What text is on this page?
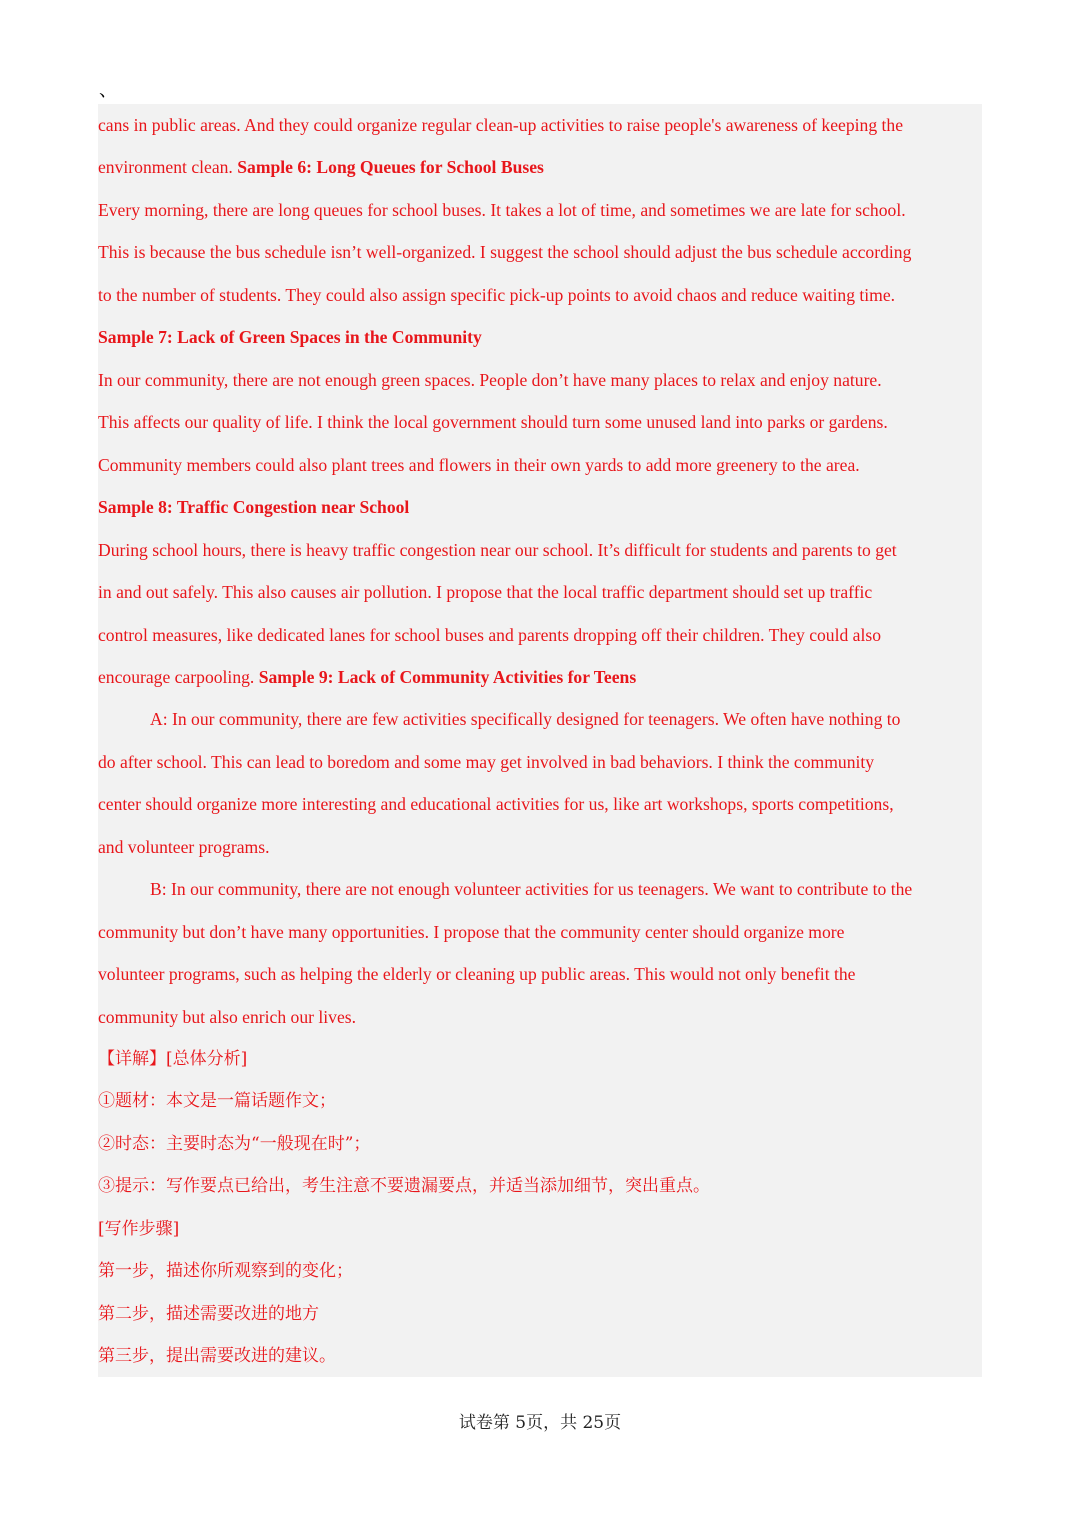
、
cans in public areas. And they could organize regular clean-up activities to raise people's awareness of keeping the
environment clean. Sample 6: Long Queues for School Buses
Every morning, there are long queues for school buses. It takes a lot of time, and sometimes we are late for school.
This is because the bus schedule isn’t well-organized. I suggest the school should adjust the bus schedule according
to the number of students. They could also assign specific pick-up points to avoid chaos and reduce waiting time.
Sample 7: Lack of Green Spaces in the Community
In our community, there are not enough green spaces. People don’t have many places to relax and enjoy nature.
This affects our quality of life. I think the local government should turn some unused land into parks or gardens.
Community members could also plant trees and flowers in their own yards to add more greenery to the area.
Sample 8: Traffic Congestion near School
During school hours, there is heavy traffic congestion near our school. It’s difficult for students and parents to get
in and out safely. This also causes air pollution. I propose that the local traffic department should set up traffic
control measures, like dedicated lanes for school buses and parents dropping off their children. They could also
encourage carpooling. Sample 9: Lack of Community Activities for Teens
A: In our community, there are few activities specifically designed for teenagers. We often have nothing to
do after school. This can lead to boredom and some may get involved in bad behaviors. I think the community
center should organize more interesting and educational activities for us, like art workshops, sports competitions,
and volunteer programs.
B: In our community, there are not enough volunteer activities for us teenagers. We want to contribute to the
community but don’t have many opportunities. I propose that the community center should organize more
volunteer programs, such as helping the elderly or cleaning up public areas. This would not only benefit the
community but also enrich our lives.
【详解】[总体分析]
①题材：本文是一篇话题作文；
②时态：主要时态为“一般现在时”；
③提示：写作要点已给出，考生注意不要遗漏要点，并适当添加细节，突出重点。
[写作步骤]
第一步，描述你所观察到的变化；
第二步，描述需要改进的地方
第三步，提出需要改进的建议。
试卷第 5页，共 25页
